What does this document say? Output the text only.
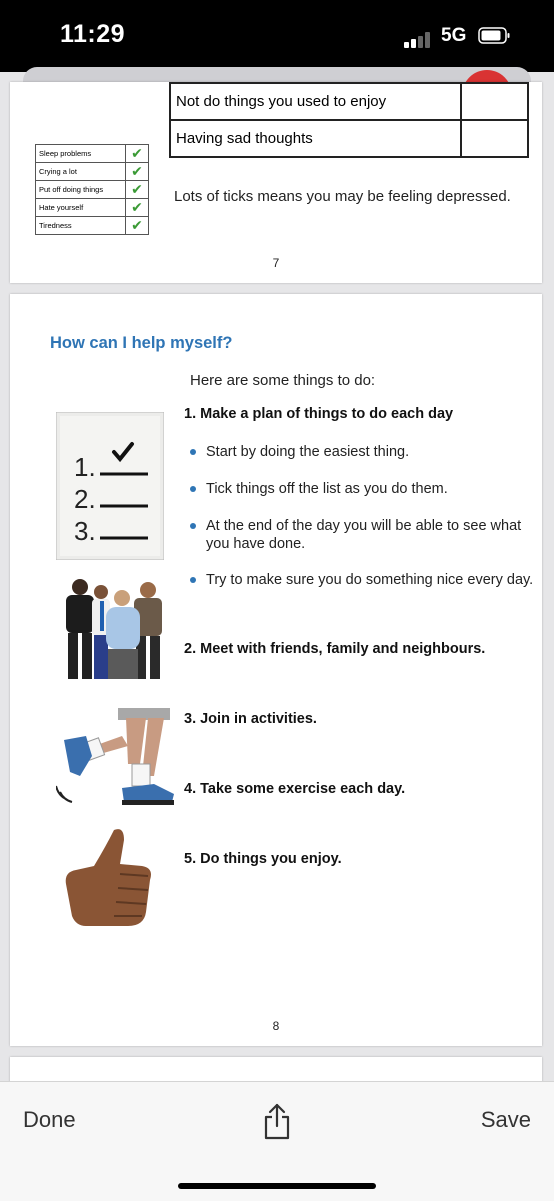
11:29	5G
Not do things you used to enjoy	
Having sad thoughts	
Sleep problems	✔
Crying a lot	✔
Put off doing things	✔
Hate yourself	✔
Tiredness	✔
Lots of ticks means you may be feeling depressed.
7
How can I help myself?
Here are some things to do:
1.
2.
3.
1. Make a plan of things to do each day
Start by doing the easiest thing.
Tick things off the list as you do them.
At the end of the day you will be able to see what you have done.
Try to make sure you do something nice every day.
2. Meet with friends, family and neighbours.
3. Join in activities.
4. Take some exercise each day.
5. Do things you enjoy.
8
Done	Save
